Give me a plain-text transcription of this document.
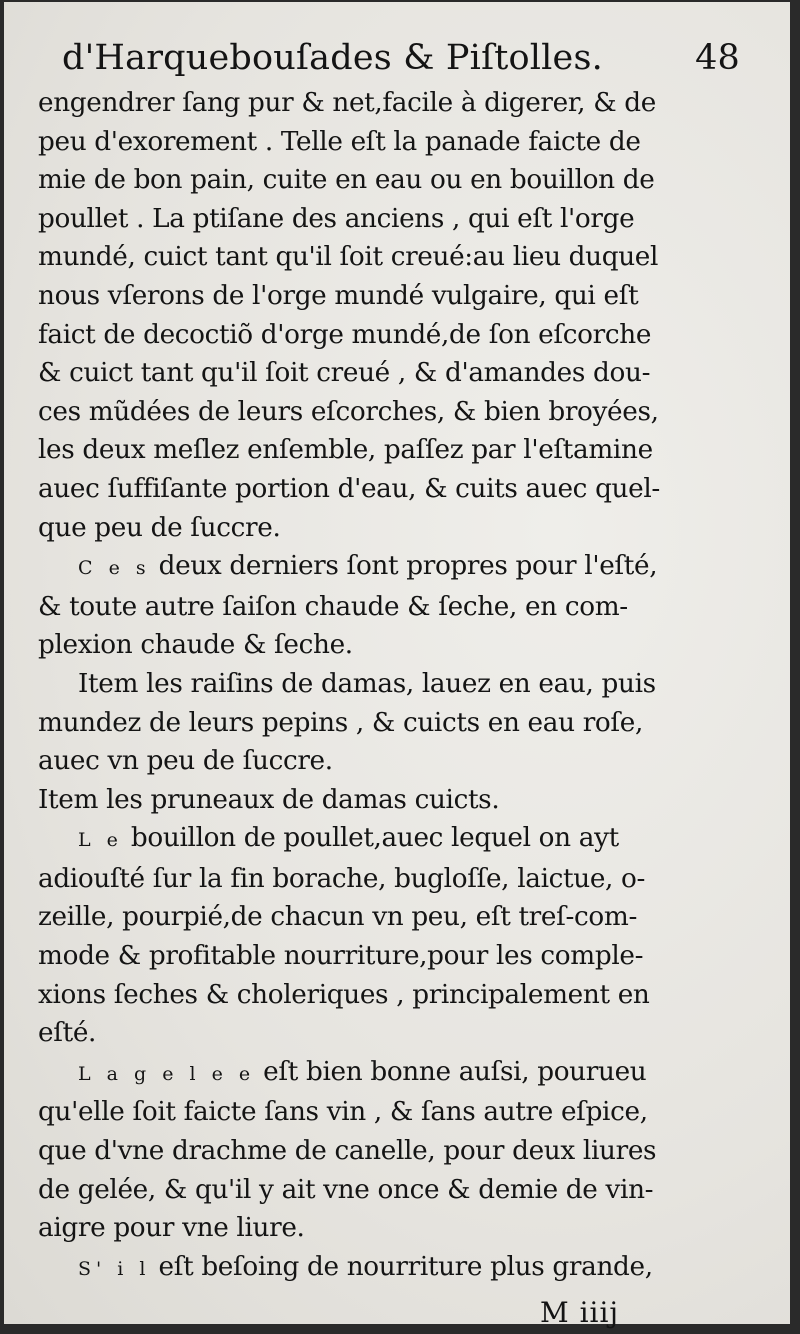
d'Harquebouſades & Piſtolles.	48
engendrer ſang pur & net,facile à digerer, & de
peu d'exorement . Telle eſt la panade faicte de
mie de bon pain, cuite en eau ou en bouillon de
poullet . La ptiſane des anciens , qui eſt l'orge
mundé, cuict tant qu'il ſoit creué:au lieu duquel
nous vſerons de l'orge mundé vulgaire, qui eſt
faict de decoctiõ d'orge mundé,de ſon eſcorche
& cuict tant qu'il ſoit creué , & d'amandes dou-
ces mũdées de leurs eſcorches, & bien broyées,
les deux meſlez enſemble, paſſez par l'eſtamine
auec ſuffiſante portion d'eau, & cuits auec quel-
que peu de ſuccre.
C e s deux derniers ſont propres pour l'eſté,
& toute autre ſaiſon chaude & ſeche, en com-
plexion chaude & ſeche.
Item les raiſins de damas, lauez en eau, puis
mundez de leurs pepins , & cuicts en eau roſe,
auec vn peu de ſuccre.
Item les pruneaux de damas cuicts.
L e bouillon de poullet,auec lequel on ayt
adiouſté ſur la fin borache, bugloſſe, laictue, o-
zeille, pourpié,de chacun vn peu, eſt treſ-com-
mode & profitable nourriture,pour les comple-
xions ſeches & choleriques , principalement en
eſté.
L a g e l e e eſt bien bonne auſsi, pourueu
qu'elle ſoit faicte ſans vin , & ſans autre eſpice,
que d'vne drachme de canelle, pour deux liures
de gelée, & qu'il y ait vne once & demie de vin-
aigre pour vne liure.
S' i l eſt beſoing de nourriture plus grande,
M iiij
